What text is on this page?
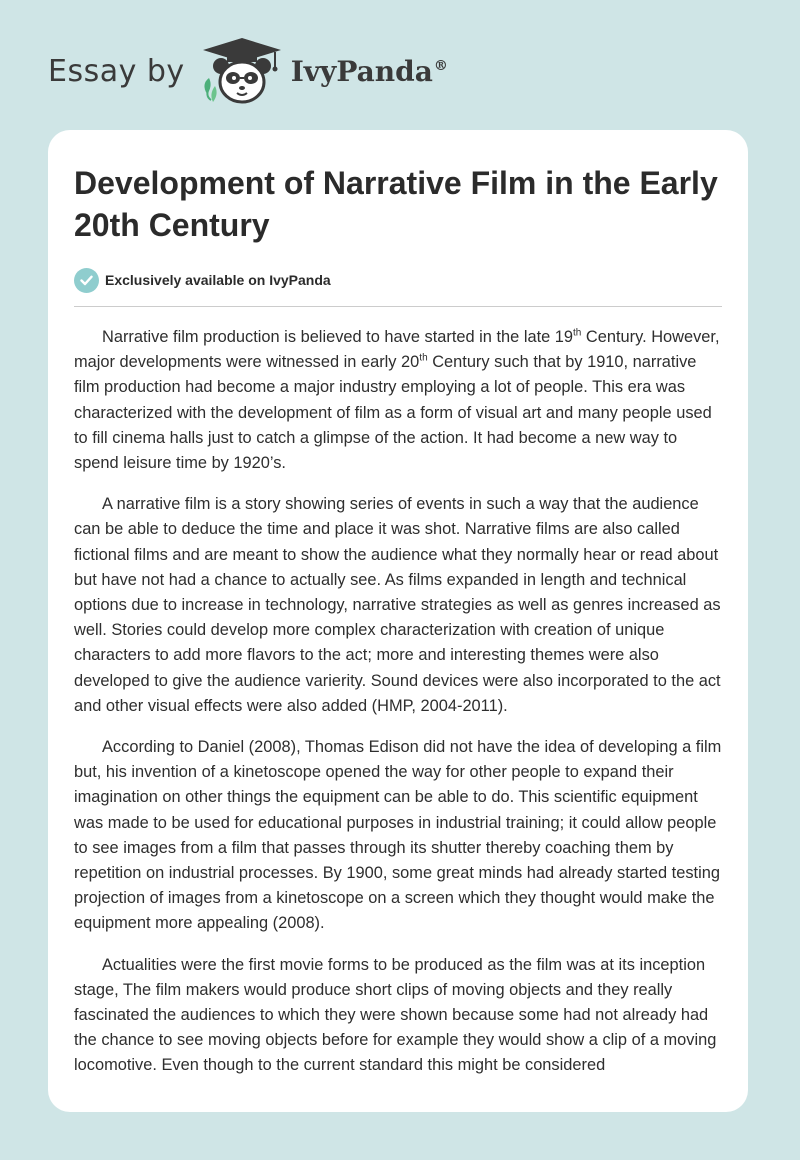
Essay by	IvyPanda®
Development of Narrative Film in the Early 20th Century
Exclusively available on IvyPanda

Narrative film production is believed to have started in the late 19th Century. However, major developments were witnessed in early 20th Century such that by 1910, narrative film production had become a major industry employing a lot of people. This era was characterized with the development of film as a form of visual art and many people used to fill cinema halls just to catch a glimpse of the action. It had become a new way to spend leisure time by 1920’s.

A narrative film is a story showing series of events in such a way that the audience can be able to deduce the time and place it was shot. Narrative films are also called fictional films and are meant to show the audience what they normally hear or read about but have not had a chance to actually see. As films expanded in length and technical options due to increase in technology, narrative strategies as well as genres increased as well. Stories could develop more complex characterization with creation of unique characters to add more flavors to the act; more and interesting themes were also developed to give the audience varierity. Sound devices were also incorporated to the act and other visual effects were also added (HMP, 2004-2011).

According to Daniel (2008), Thomas Edison did not have the idea of developing a film but, his invention of a kinetoscope opened the way for other people to expand their imagination on other things the equipment can be able to do. This scientific equipment was made to be used for educational purposes in industrial training; it could allow people to see images from a film that passes through its shutter thereby coaching them by repetition on industrial processes. By 1900, some great minds had already started testing projection of images from a kinetoscope on a screen which they thought would make the equipment more appealing (2008).

Actualities were the first movie forms to be produced as the film was at its inception stage, The film makers would produce short clips of moving objects and they really fascinated the audiences to which they were shown because some had not already had the chance to see moving objects before for example they would show a clip of a moving locomotive. Even though to the current standard this might be considered
